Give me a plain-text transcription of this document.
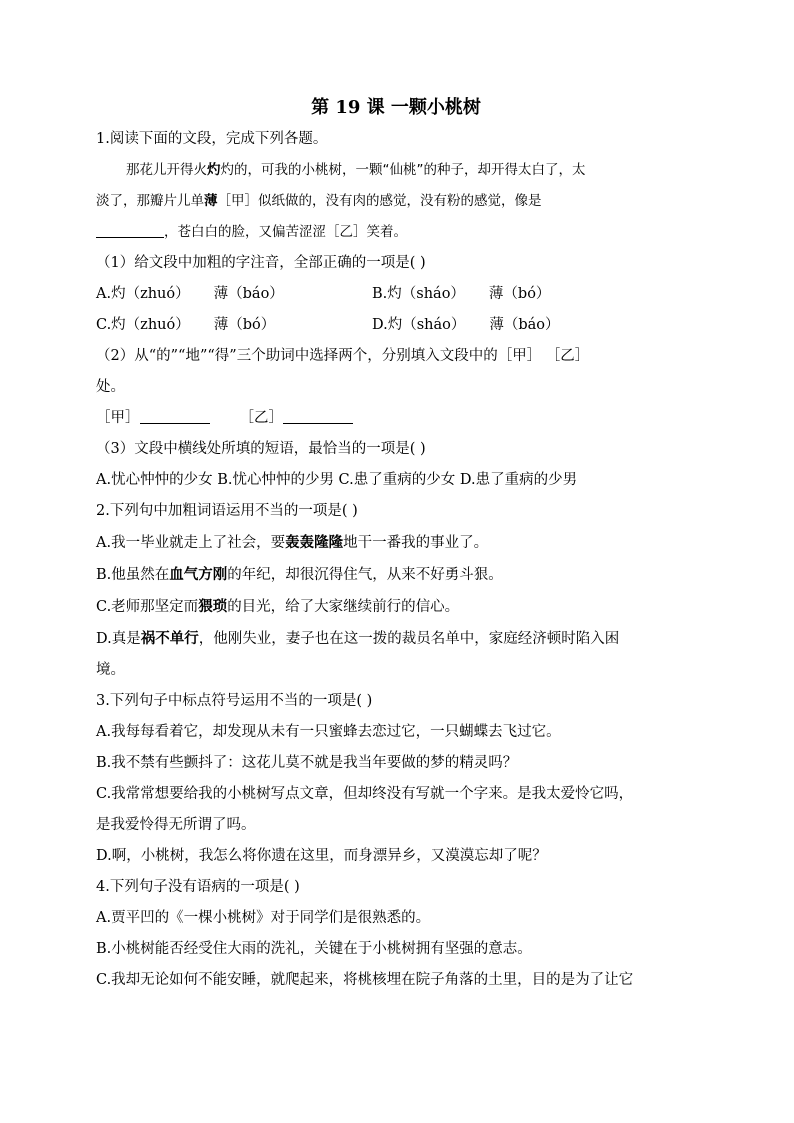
第 19 课 一颗小桃树
1.阅读下面的文段，完成下列各题。
那花儿开得火灼灼的，可我的小桃树，一颗“仙桃”的种子，却开得太白了，太
淡了，那瓣片儿单薄［甲］似纸做的，没有肉的感觉，没有粉的感觉，像是
，苍白白的脸，又偏苦涩涩［乙］笑着。
（1）给文段中加粗的字注音，全部正确的一项是( )
A.灼（zhuó） 薄（báo）	B.灼（sháo） 薄（bó）
C.灼（zhuó） 薄（bó）	D.灼（sháo） 薄（báo）
（2）从“的”“地”“得”三个助词中选择两个，分别填入文段中的［甲］ ［乙］
处。
［甲］	［乙］
（3）文段中横线处所填的短语，最恰当的一项是( )
A.忧心忡忡的少女 B.忧心忡忡的少男 C.患了重病的少女 D.患了重病的少男
2.下列句中加粗词语运用不当的一项是( )
A.我一毕业就走上了社会，要轰轰隆隆地干一番我的事业了。
B.他虽然在血气方刚的年纪，却很沉得住气，从来不好勇斗狠。
C.老师那坚定而猥琐的目光，给了大家继续前行的信心。
D.真是祸不单行，他刚失业，妻子也在这一拨的裁员名单中，家庭经济顿时陷入困
境。
3.下列句子中标点符号运用不当的一项是( )
A.我每每看着它，却发现从未有一只蜜蜂去恋过它，一只蝴蝶去飞过它。
B.我不禁有些颤抖了：这花儿莫不就是我当年要做的梦的精灵吗？
C.我常常想要给我的小桃树写点文章，但却终没有写就一个字来。是我太爱怜它吗，
是我爱怜得无所谓了吗。
D.啊，小桃树，我怎么将你遗在这里，而身漂异乡，又漠漠忘却了呢？
4.下列句子没有语病的一项是( )
A.贾平凹的《一棵小桃树》对于同学们是很熟悉的。
B.小桃树能否经受住大雨的洗礼，关键在于小桃树拥有坚强的意志。
C.我却无论如何不能安睡，就爬起来，将桃核埋在院子角落的土里，目的是为了让它
